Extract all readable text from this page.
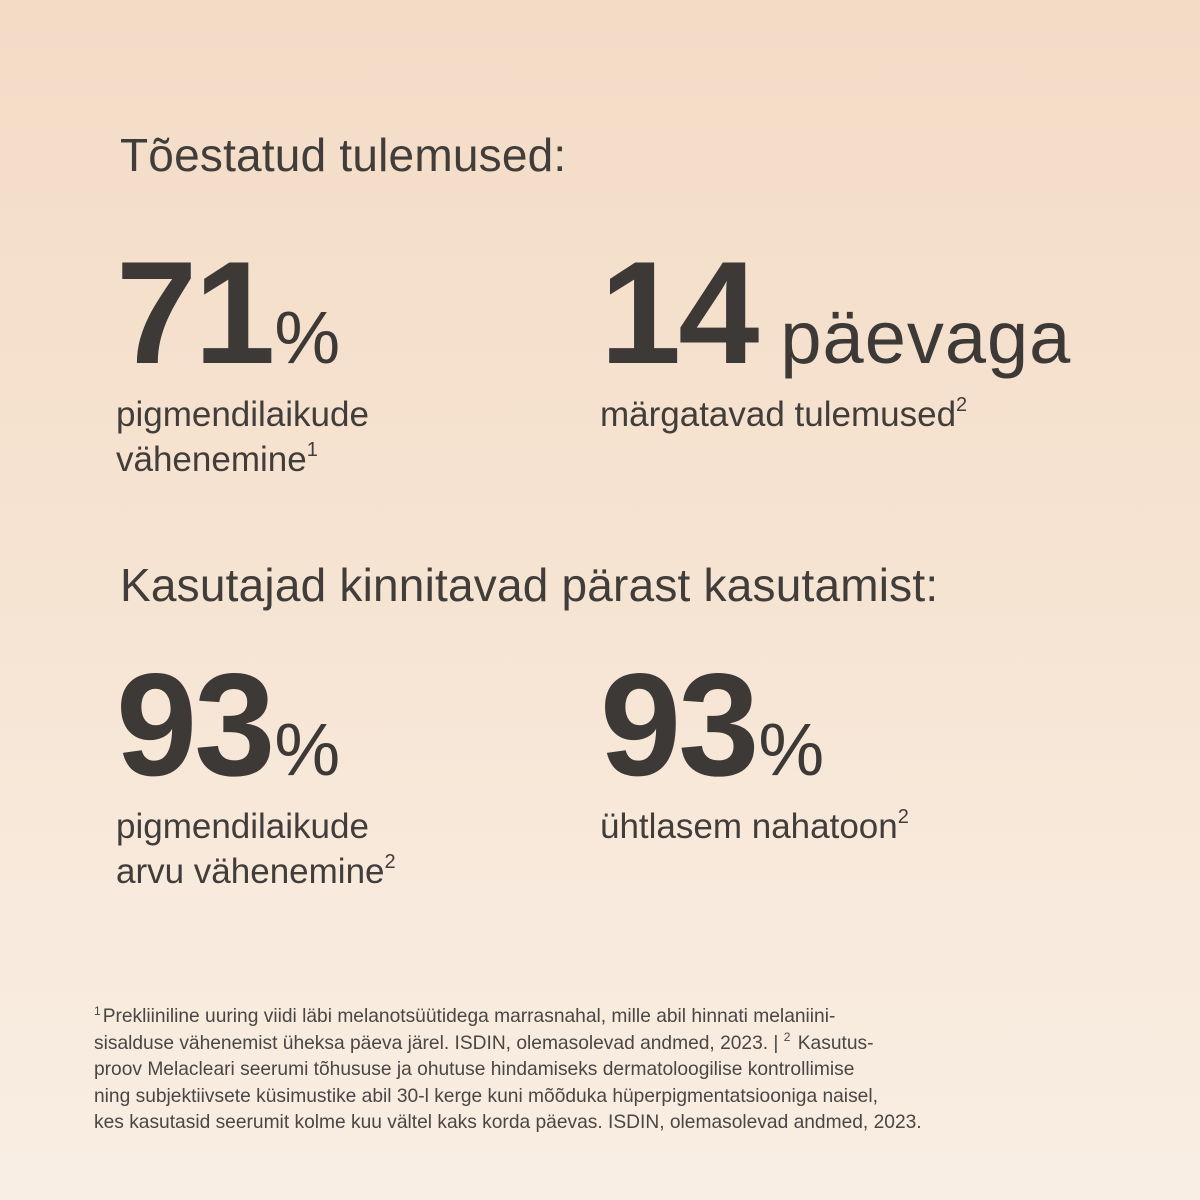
Tõestatud tulemused:
71%
pigmendilaikude
vähenemine$^1$
14 päevaga
märgatavad tulemused$^2$
Kasutajad kinnitavad pärast kasutamist:
93%
pigmendilaikude
arvu vähenemine$^2$
93%
ühtlasem nahatoon$^2$
$^1$ Prekliiniline uuring viidi läbi melanotsüütidega marrasnahal, mille abil hinnati melaniini-
sisalduse vähenemist üheksa päeva järel. ISDIN, olemasolevad andmed, 2023. | $^2$ Kasutus-
proov Melacleari seerumi tõhususe ja ohutuse hindamiseks dermatoloogilise kontrollimise
ning subjektiivsete küsimustike abil 30-l kerge kuni mõõduka hüperpigmentatsiooniga naisel,
kes kasutasid seerumit kolme kuu vältel kaks korda päevas. ISDIN, olemasolevad andmed, 2023.
